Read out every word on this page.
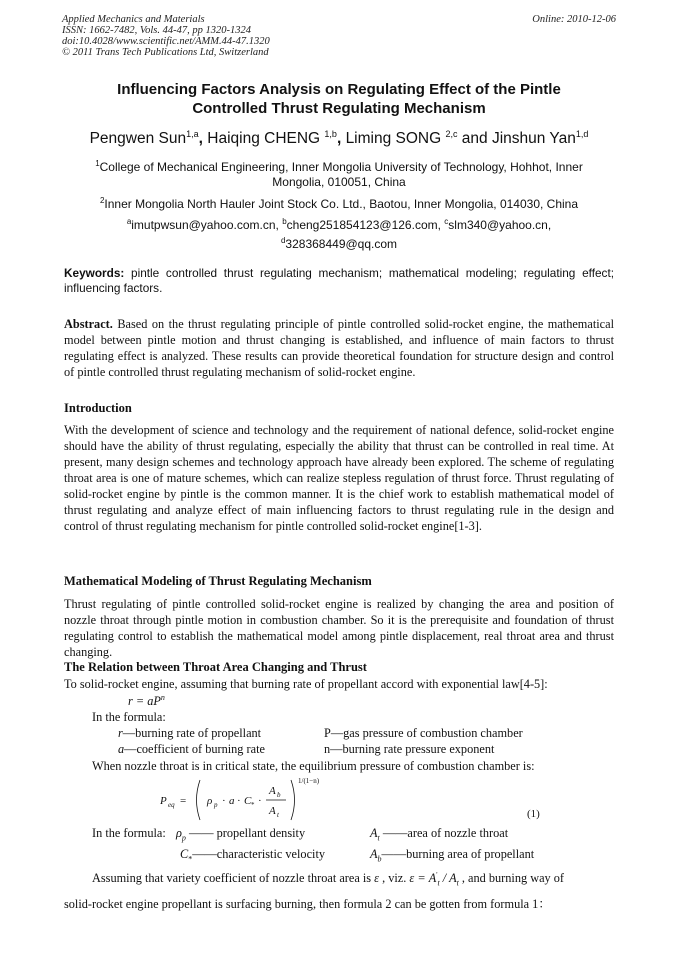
Applied Mechanics and Materials
ISSN: 1662-7482, Vols. 44-47, pp 1320-1324
doi:10.4028/www.scientific.net/AMM.44-47.1320
© 2011 Trans Tech Publications Ltd, Switzerland
Online: 2010-12-06
Influencing Factors Analysis on Regulating Effect of the Pintle
Controlled Thrust Regulating Mechanism
Pengwen Sun$^{1,a}$, Haiqing CHENG $^{1,b}$, Liming SONG $^{2,c}$ and Jinshun Yan$^{1,d}$
$^1$College of Mechanical Engineering, Inner Mongolia University of Technology, Hohhot, Inner
Mongolia, 010051, China
$^2$Inner Mongolia North Hauler Joint Stock Co. Ltd., Baotou, Inner Mongolia, 014030, China
$^a$imutpwsun@yahoo.com.cn, $^b$cheng251854123@126.com, $^c$slm340@yahoo.cn,
$^d$328368449@qq.com
Keywords: pintle controlled thrust regulating mechanism; mathematical modeling; regulating effect; influencing factors.
Abstract. Based on the thrust regulating principle of pintle controlled solid-rocket engine, the mathematical model between pintle motion and thrust changing is established, and influence of main factors to thrust regulating effect is analyzed. These results can provide theoretical foundation for structure design and control of pintle controlled thrust regulating mechanism of solid-rocket engine.
Introduction
With the development of science and technology and the requirement of national defence, solid-rocket engine should have the ability of thrust regulating, especially the ability that thrust can be controlled in real time. At present, many design schemes and technology approach have already been explored. The scheme of regulating throat area is one of mature schemes, which can realize stepless regulation of thrust force. Thrust regulating of solid-rocket engine by pintle is the common manner. It is the chief work to establish mathematical model of thrust regulating and analyze effect of main influencing factors to thrust regulating rule in the design and control of thrust regulating mechanism for pintle controlled solid-rocket engine[1-3].
Mathematical Modeling of Thrust Regulating Mechanism
Thrust regulating of pintle controlled solid-rocket engine is realized by changing the area and position of nozzle throat through pintle motion in combustion chamber. So it is the prerequisite and foundation of thrust regulating control to establish the mathematical model among pintle displacement, real throat area and thrust changing.
The Relation between Throat Area Changing and Thrust
To solid-rocket engine, assuming that burning rate of propellant accord with exponential law[4-5]:
$r = aP^n$
In the formula:
r—burning rate of propellant	P—gas pressure of combustion chamber
a—coefficient of burning rate	n—burning rate pressure exponent
When nozzle throat is in critical state, the equilibrium pressure of combustion chamber is:
P eq = ρ p · a · C * ·
A b
A t
1/(1−n)
(1)
In the formula: $\rho_p$ —— propellant density	$A_t$ ——area of nozzle throat
$C_*——characteristic$ velocity	$A_b——burning$ area of propellant
Assuming that variety coefficient of nozzle throat area is ε , viz. $\varepsilon = A'_t / A_t$ , and burning way of
solid-rocket engine propellant is surfacing burning, then formula 2 can be gotten from formula 1：
